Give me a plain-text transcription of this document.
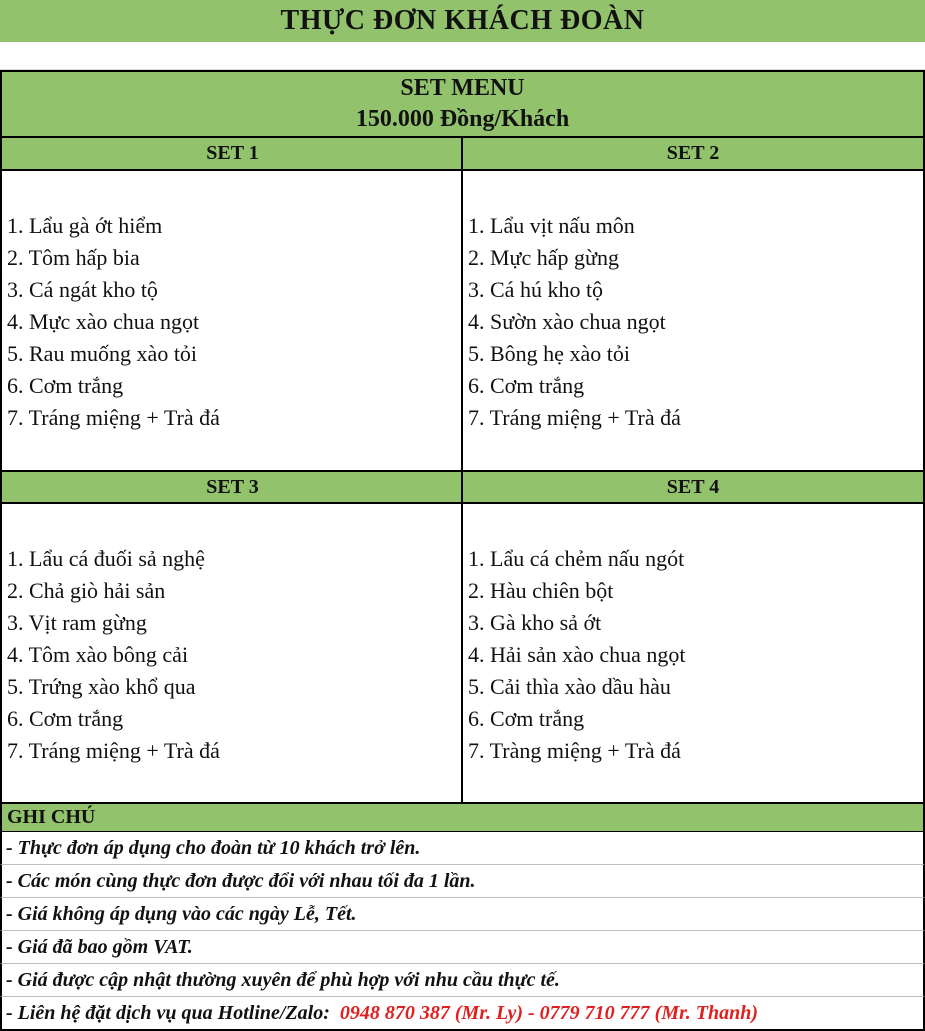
THỰC ĐƠN KHÁCH ĐOÀN
SET MENU
150.000 Đồng/Khách
SET 1	SET 2
1. Lẩu gà ớt hiểm
2. Tôm hấp bia
3. Cá ngát kho tộ
4. Mực xào chua ngọt
5. Rau muống xào tỏi
6. Cơm trắng
7. Tráng miệng + Trà đá
1. Lẩu vịt nấu môn
2. Mực hấp gừng
3. Cá hú kho tộ
4. Sườn xào chua ngọt
5. Bông hẹ xào tỏi
6. Cơm trắng
7. Tráng miệng + Trà đá
SET 3	SET 4
1. Lẩu cá đuối sả nghệ
2. Chả giò hải sản
3. Vịt ram gừng
4. Tôm xào bông cải
5. Trứng xào khổ qua
6. Cơm trắng
7. Tráng miệng + Trà đá
1. Lẩu cá chẻm nấu ngót
2. Hàu chiên bột
3. Gà kho sả ớt
4. Hải sản xào chua ngọt
5. Cải thìa xào dầu hàu
6. Cơm trắng
7. Tràng miệng + Trà đá
GHI CHÚ
- Thực đơn áp dụng cho đoàn từ 10 khách trở lên.
- Các món cùng thực đơn được đổi với nhau tối đa 1 lần.
- Giá không áp dụng vào các ngày Lễ, Tết.
- Giá đã bao gồm VAT.
- Giá được cập nhật thường xuyên để phù hợp với nhu cầu thực tế.
- Liên hệ đặt dịch vụ qua Hotline/Zalo: 0948 870 387 (Mr. Ly) - 0779 710 777 (Mr. Thanh)
